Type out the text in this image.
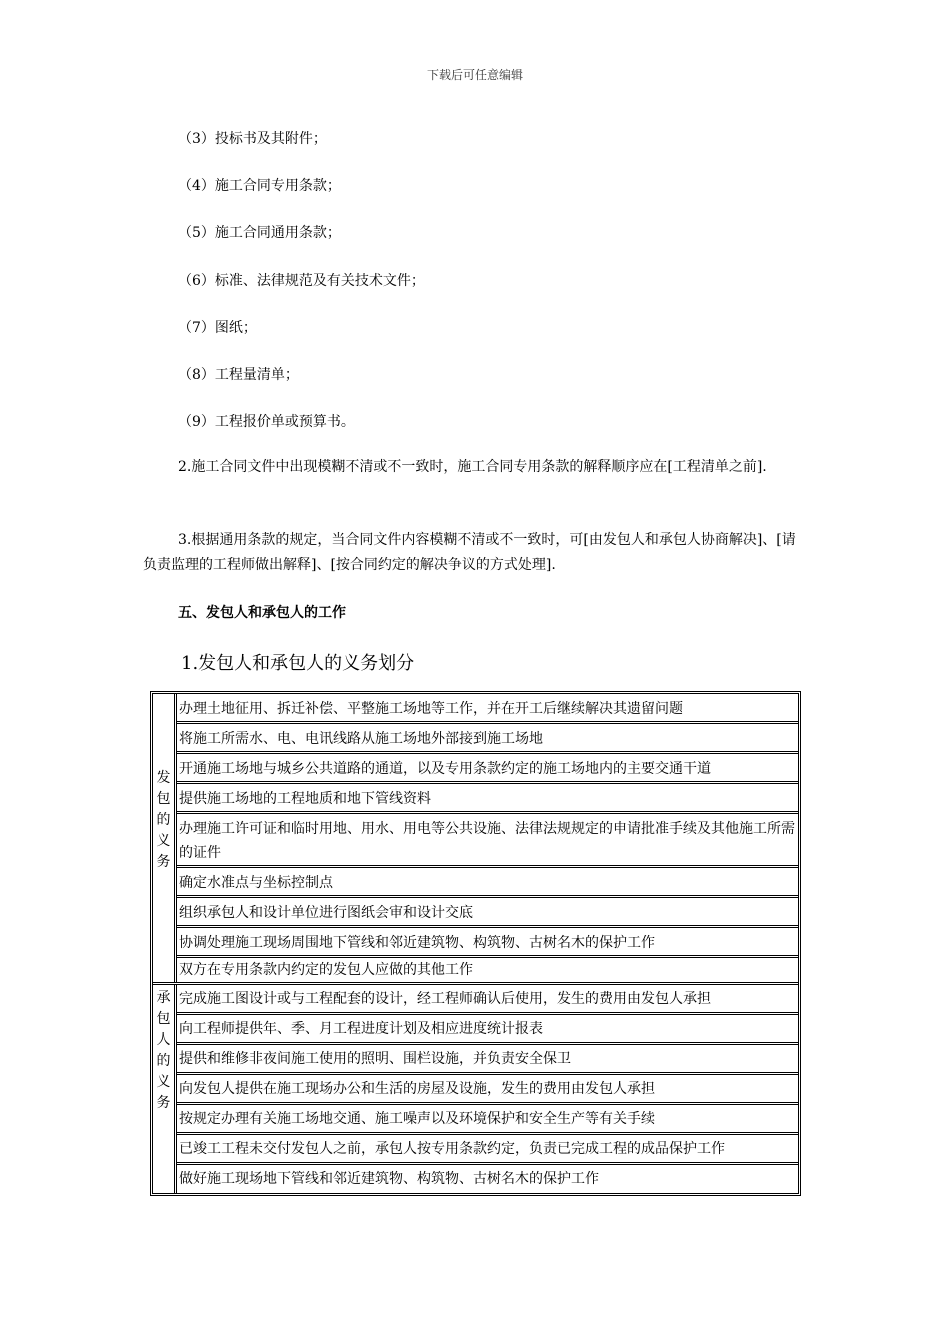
下载后可任意编辑
（3）投标书及其附件；
（4）施工合同专用条款；
（5）施工合同通用条款；
（6）标准、法律规范及有关技术文件；
（7）图纸；
（8）工程量清单；
（9）工程报价单或预算书。
2.施工合同文件中出现模糊不清或不一致时，施工合同专用条款的解释顺序应在[工程清单之前].
3.根据通用条款的规定，当合同文件内容模糊不清或不一致时，可[由发包人和承包人协商解决]、[请负责监理的工程师做出解释]、[按合同约定的解决争议的方式处理].
五、发包人和承包人的工作
1.发包人和承包人的义务划分
发
包
的
义
务
办理土地征用、拆迁补偿、平整施工场地等工作，并在开工后继续解决其遗留问题
将施工所需水、电、电讯线路从施工场地外部接到施工场地
开通施工场地与城乡公共道路的通道，以及专用条款约定的施工场地内的主要交通干道
提供施工场地的工程地质和地下管线资料
办理施工许可证和临时用地、用水、用电等公共设施、法律法规规定的申请批准手续及其他施工所需的证件
确定水准点与坐标控制点
组织承包人和设计单位进行图纸会审和设计交底
协调处理施工现场周围地下管线和邻近建筑物、构筑物、古树名木的保护工作
双方在专用条款内约定的发包人应做的其他工作
承
包
人
的
义
务
完成施工图设计或与工程配套的设计，经工程师确认后使用，发生的费用由发包人承担
向工程师提供年、季、月工程进度计划及相应进度统计报表
提供和维修非夜间施工使用的照明、围栏设施，并负责安全保卫
向发包人提供在施工现场办公和生活的房屋及设施，发生的费用由发包人承担
按规定办理有关施工场地交通、施工噪声以及环境保护和安全生产等有关手续
已竣工工程未交付发包人之前，承包人按专用条款约定，负责已完成工程的成品保护工作
做好施工现场地下管线和邻近建筑物、构筑物、古树名木的保护工作
